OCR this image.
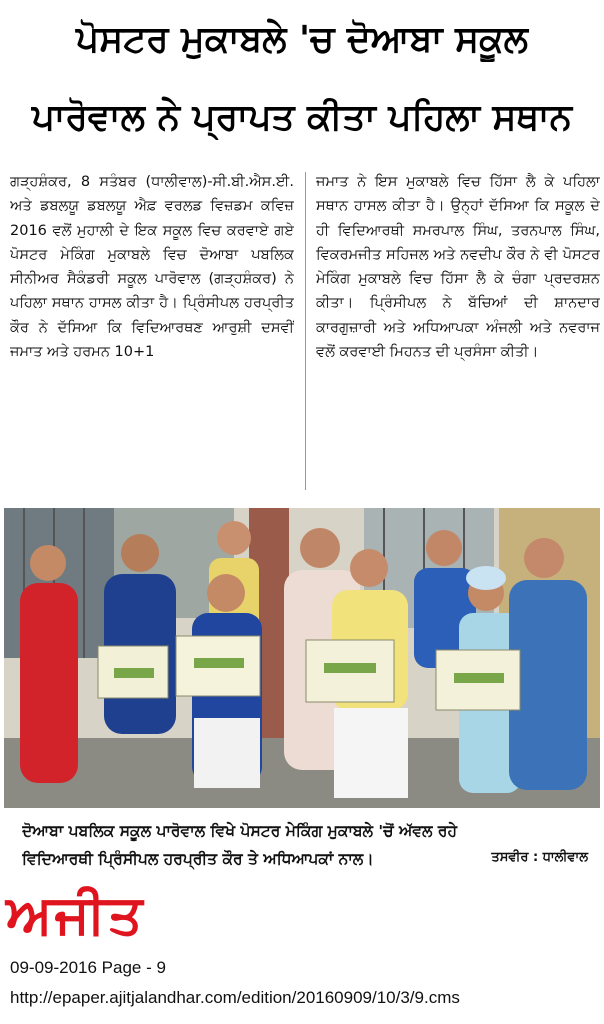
ਪੋਸਟਰ ਮੁਕਾਬਲੇ 'ਚ ਦੋਆਬਾ ਸਕੂਲ
ਪਾਰੋਵਾਲ ਨੇ ਪ੍ਰਾਪਤ ਕੀਤਾ ਪਹਿਲਾ ਸਥਾਨ
ਗੜ੍ਹਸ਼ੰਕਰ, 8 ਸਤੰਬਰ (ਧਾਲੀਵਾਲ)-ਸੀ.ਬੀ.ਐਸ.ਈ. ਅਤੇ ਡਬਲਯੂ ਡਬਲਯੂ ਐਫ਼ ਵਰਲਡ ਵਿਜ਼ਡਮ ਕਵਿਜ਼ 2016 ਵਲੋਂ ਮੁਹਾਲੀ ਦੇ ਇਕ ਸਕੂਲ ਵਿਚ ਕਰਵਾਏ ਗਏ ਪੋਸਟਰ ਮੇਕਿੰਗ ਮੁਕਾਬਲੇ ਵਿਚ ਦੋਆਬਾ ਪਬਲਿਕ ਸੀਨੀਅਰ ਸੈਕੰਡਰੀ ਸਕੂਲ ਪਾਰੋਵਾਲ (ਗੜ੍ਹਸ਼ੰਕਰ) ਨੇ ਪਹਿਲਾ ਸਥਾਨ ਹਾਸਲ ਕੀਤਾ ਹੈ। ਪ੍ਰਿੰਸੀਪਲ ਹਰਪ੍ਰੀਤ ਕੌਰ ਨੇ ਦੱਸਿਆ ਕਿ ਵਿਦਿਆਰਥਣ ਆਰੁਸ਼ੀ ਦਸਵੀਂ ਜਮਾਤ ਅਤੇ ਹਰਮਨ 10+1
ਜਮਾਤ ਨੇ ਇਸ ਮੁਕਾਬਲੇ ਵਿਚ ਹਿੱਸਾ ਲੈ ਕੇ ਪਹਿਲਾ ਸਥਾਨ ਹਾਸਲ ਕੀਤਾ ਹੈ। ਉਨ੍ਹਾਂ ਦੱਸਿਆ ਕਿ ਸਕੂਲ ਦੇ ਹੀ ਵਿਦਿਆਰਥੀ ਸਮਰਪਾਲ ਸਿੰਘ, ਤਰਨਪਾਲ ਸਿੰਘ, ਵਿਕਰਮਜੀਤ ਸਹਿਜਲ ਅਤੇ ਨਵਦੀਪ ਕੌਰ ਨੇ ਵੀ ਪੋਸਟਰ ਮੇਕਿੰਗ ਮੁਕਾਬਲੇ ਵਿਚ ਹਿੱਸਾ ਲੈ ਕੇ ਚੰਗਾ ਪ੍ਰਦਰਸ਼ਨ ਕੀਤਾ। ਪ੍ਰਿੰਸੀਪਲ ਨੇ ਬੱਚਿਆਂ ਦੀ ਸ਼ਾਨਦਾਰ ਕਾਰਗੁਜ਼ਾਰੀ ਅਤੇ ਅਧਿਆਪਕਾ ਅੰਜਲੀ ਅਤੇ ਨਵਰਾਜ ਵਲੋਂ ਕਰਵਾਈ ਮਿਹਨਤ ਦੀ ਪ੍ਰਸੰਸਾ ਕੀਤੀ।
ਦੋਆਬਾ ਪਬਲਿਕ ਸਕੂਲ ਪਾਰੋਵਾਲ ਵਿਖੇ ਪੋਸਟਰ ਮੇਕਿੰਗ ਮੁਕਾਬਲੇ 'ਚੋਂ ਅੱਵਲ ਰਹੇ
ਵਿਦਿਆਰਥੀ ਪ੍ਰਿੰਸੀਪਲ ਹਰਪ੍ਰੀਤ ਕੌਰ ਤੇ ਅਧਿਆਪਕਾਂ ਨਾਲ।	ਤਸਵੀਰ : ਧਾਲੀਵਾਲ
ਅਜੀਤ
09-09-2016 Page - 9
http://epaper.ajitjalandhar.com/edition/20160909/10/3/9.cms
